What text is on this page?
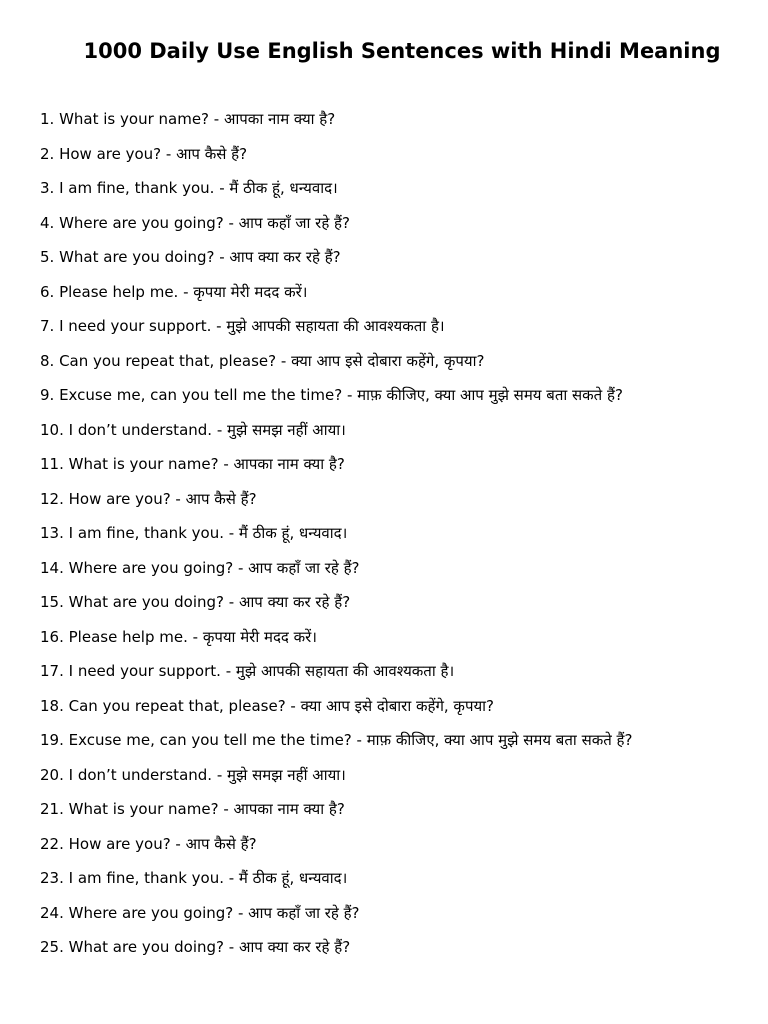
1000 Daily Use English Sentences with Hindi Meaning
1. What is your name? - आपका नाम क्या है?
2. How are you? - आप कैसे हैं?
3. I am fine, thank you. - मैं ठीक हूं, धन्यवाद।
4. Where are you going? - आप कहाँ जा रहे हैं?
5. What are you doing? - आप क्या कर रहे हैं?
6. Please help me. - कृपया मेरी मदद करें।
7. I need your support. - मुझे आपकी सहायता की आवश्यकता है।
8. Can you repeat that, please? - क्या आप इसे दोबारा कहेंगे, कृपया?
9. Excuse me, can you tell me the time? - माफ़ कीजिए, क्या आप मुझे समय बता सकते हैं?
10. I don’t understand. - मुझे समझ नहीं आया।
11. What is your name? - आपका नाम क्या है?
12. How are you? - आप कैसे हैं?
13. I am fine, thank you. - मैं ठीक हूं, धन्यवाद।
14. Where are you going? - आप कहाँ जा रहे हैं?
15. What are you doing? - आप क्या कर रहे हैं?
16. Please help me. - कृपया मेरी मदद करें।
17. I need your support. - मुझे आपकी सहायता की आवश्यकता है।
18. Can you repeat that, please? - क्या आप इसे दोबारा कहेंगे, कृपया?
19. Excuse me, can you tell me the time? - माफ़ कीजिए, क्या आप मुझे समय बता सकते हैं?
20. I don’t understand. - मुझे समझ नहीं आया।
21. What is your name? - आपका नाम क्या है?
22. How are you? - आप कैसे हैं?
23. I am fine, thank you. - मैं ठीक हूं, धन्यवाद।
24. Where are you going? - आप कहाँ जा रहे हैं?
25. What are you doing? - आप क्या कर रहे हैं?
